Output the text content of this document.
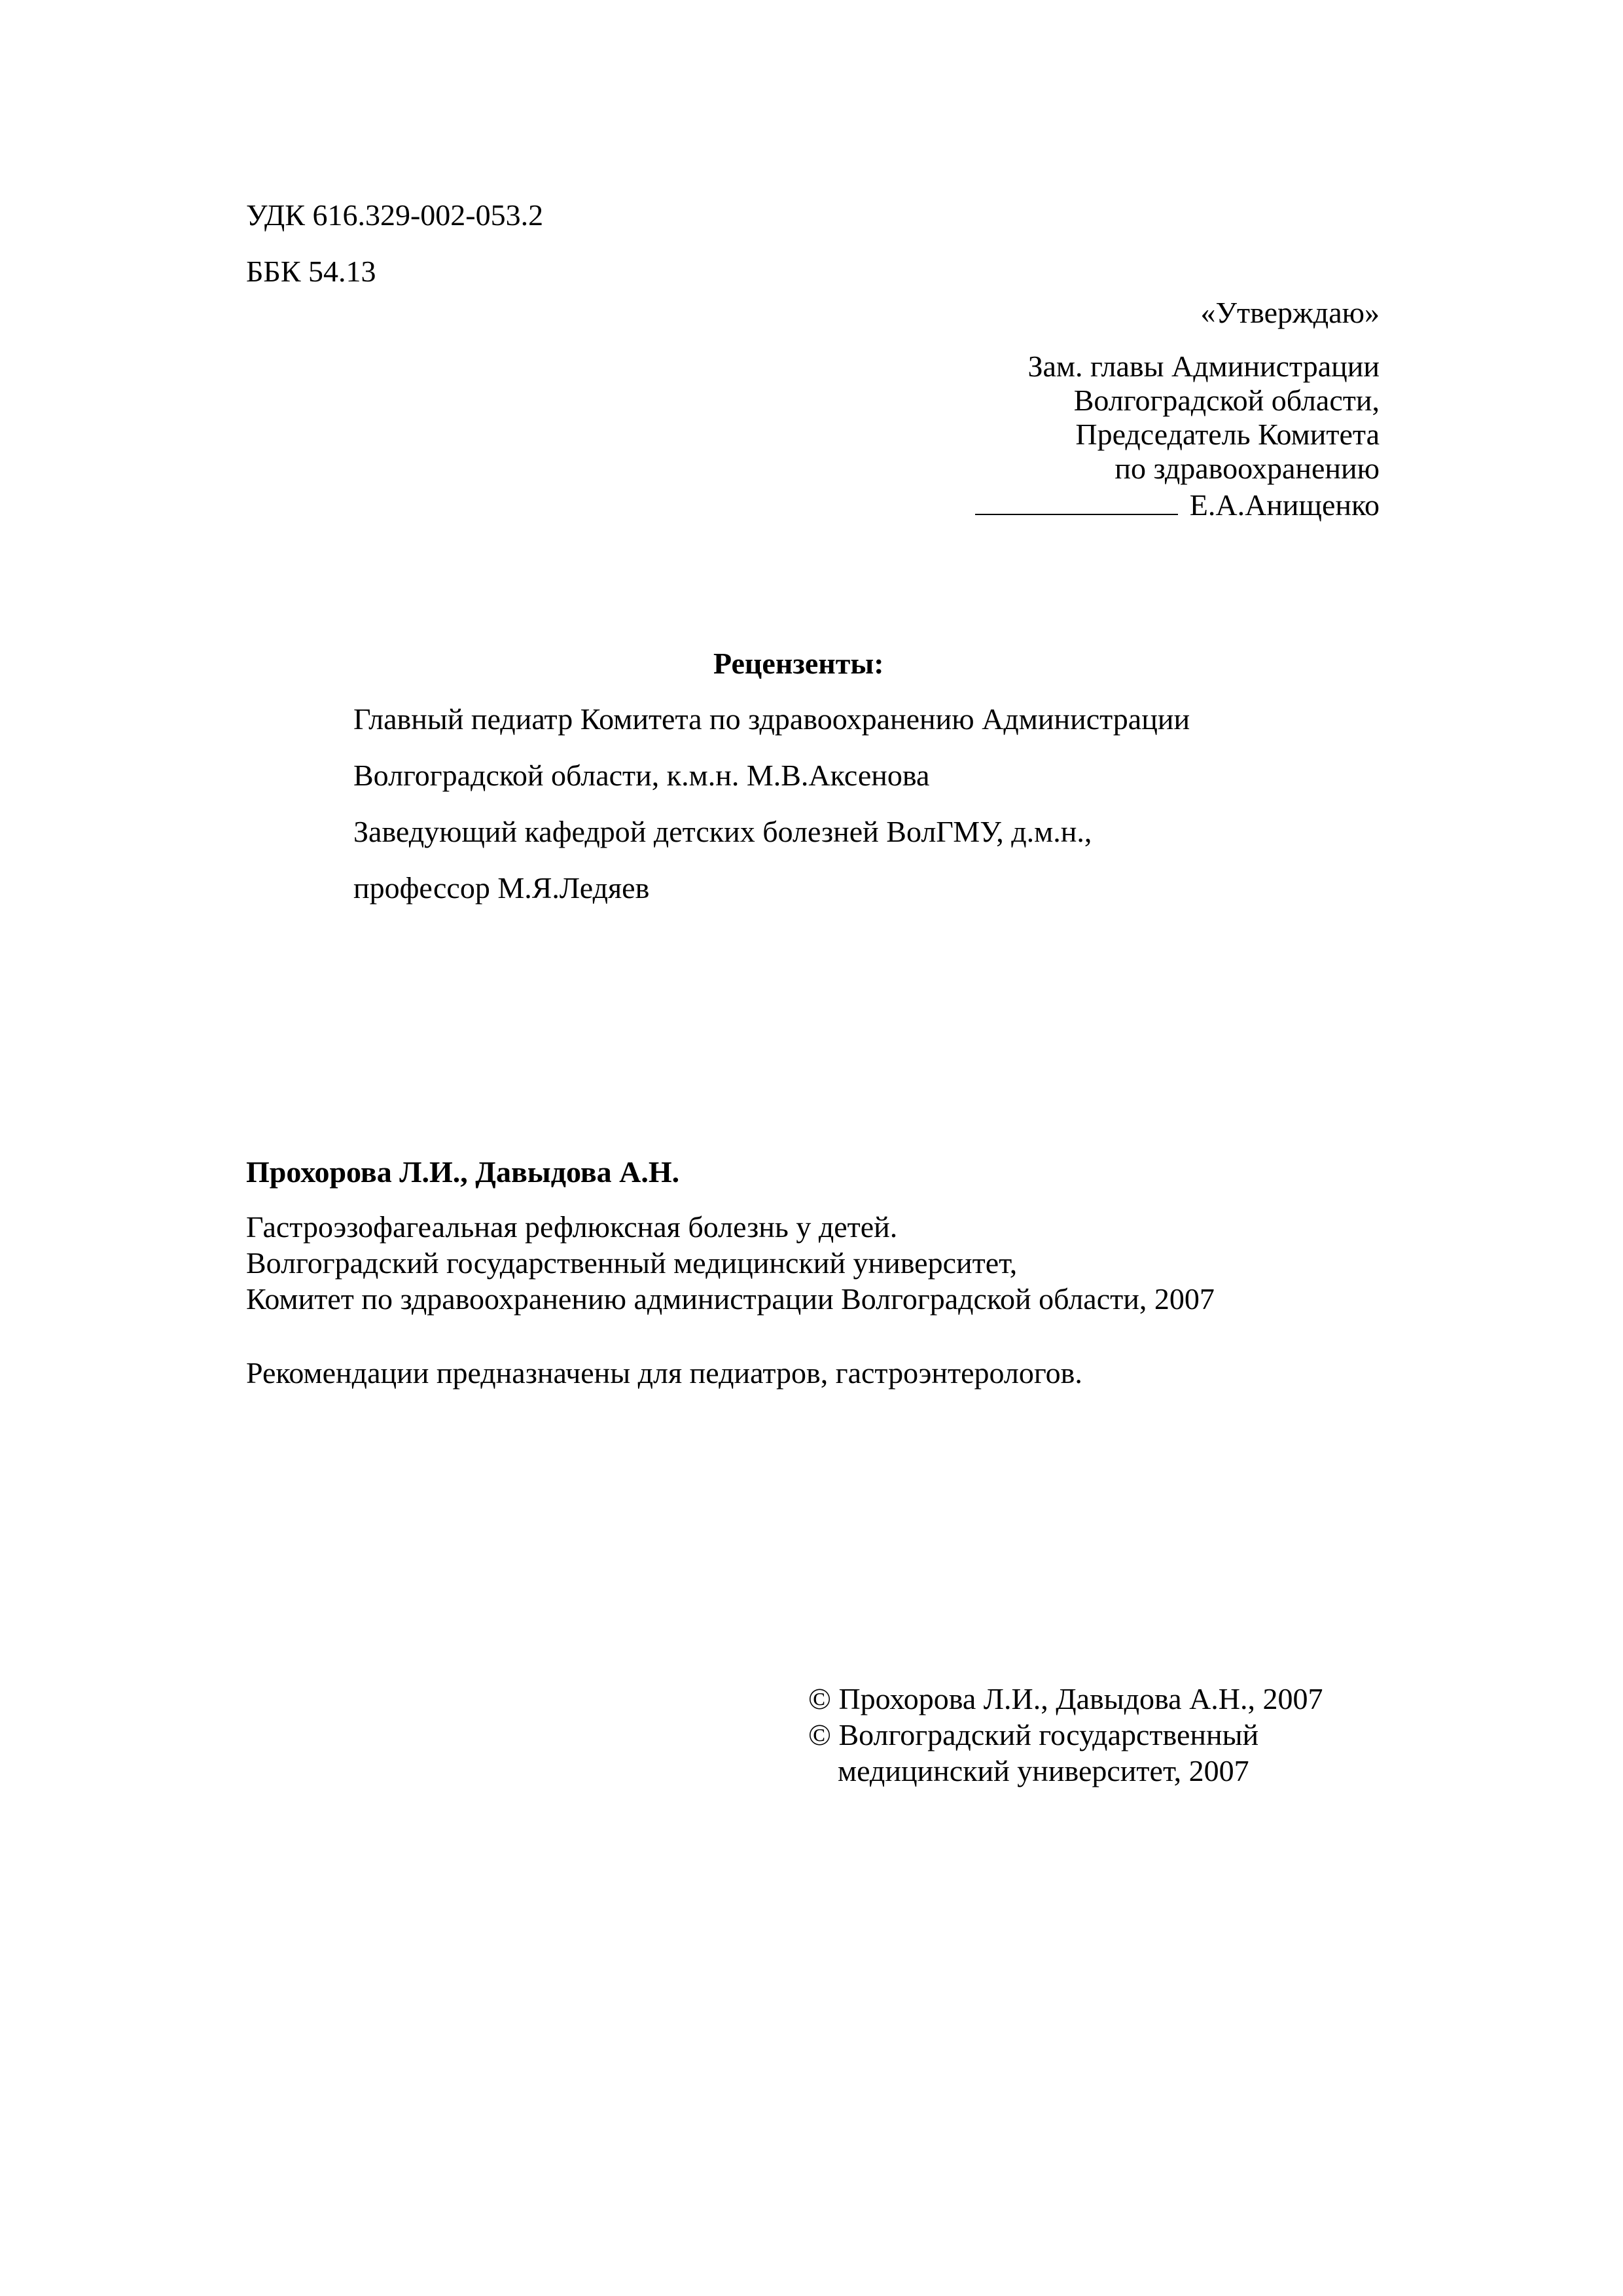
УДК 616.329-002-053.2
ББК 54.13
«Утверждаю»
Зам. главы Администрации
Волгоградской области,
Председатель Комитета
по здравоохранению
Е.А.Анищенко
Рецензенты:
Главный педиатр Комитета по здравоохранению Администрации
Волгоградской области, к.м.н. М.В.Аксенова
Заведующий кафедрой детских болезней ВолГМУ, д.м.н.,
профессор М.Я.Ледяев
Прохорова Л.И., Давыдова А.Н.
Гастроэзофагеальная рефлюксная болезнь у детей.
Волгоградский государственный медицинский университет,
Комитет по здравоохранению администрации Волгоградской области, 2007
Рекомендации предназначены для педиатров, гастроэнтерологов.
© Прохорова Л.И., Давыдова А.Н., 2007
© Волгоградский государственный
медицинский университет, 2007
